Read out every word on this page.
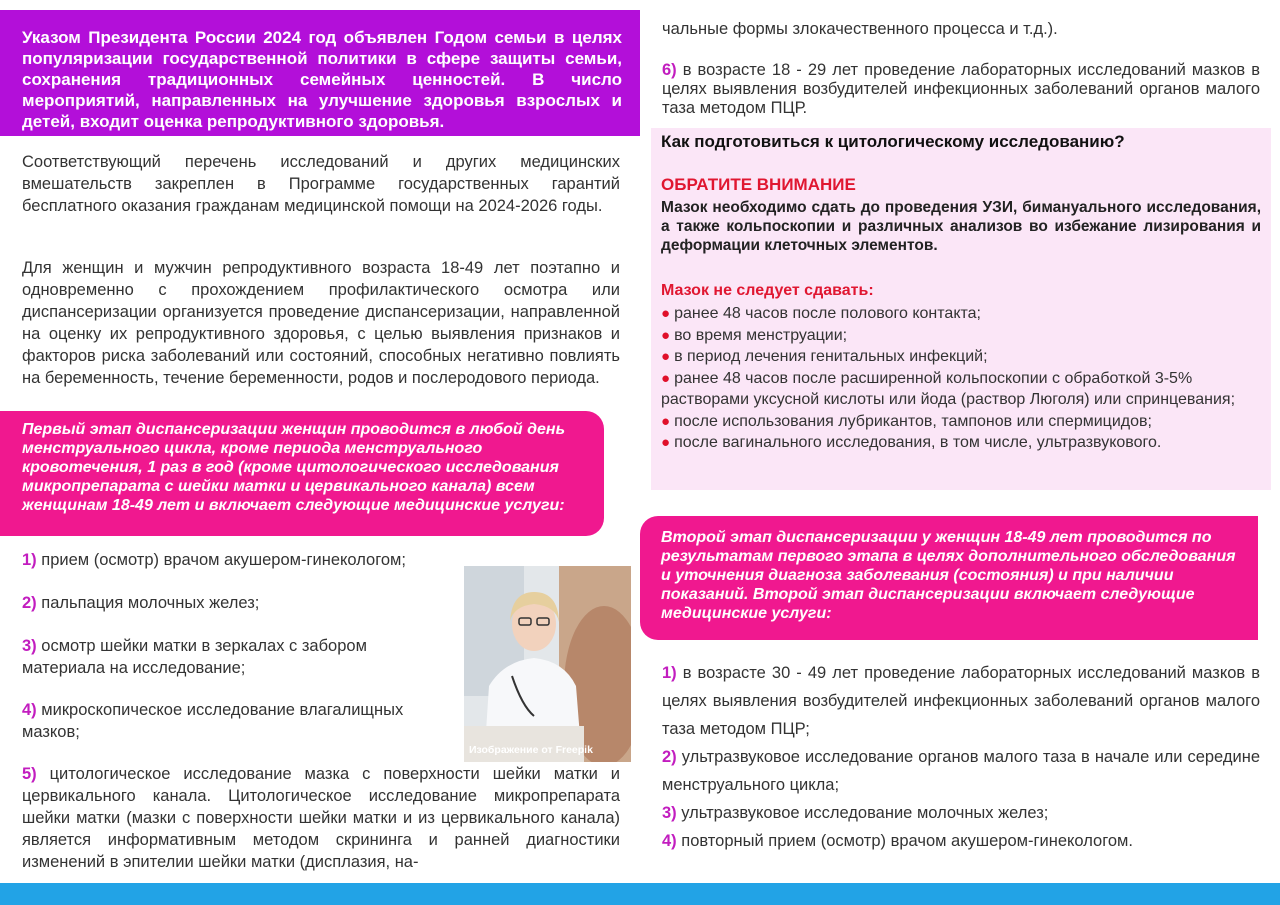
Указом Президента России 2024 год объявлен Годом семьи в целях популяризации государственной политики в сфере защиты семьи, сохранения традиционных семейных ценностей. В число мероприятий, направленных на улучшение здоровья взрослых и детей, входит оценка репродуктивного здоровья.

Соответствующий перечень исследований и других медицинских вмешательств закреплен в Программе государственных гарантий бесплатного оказания гражданам медицинской помощи на 2024-2026 годы.

Для женщин и мужчин репродуктивного возраста 18-49 лет поэтапно и одновременно с прохождением профилактического осмотра или диспансеризации организуется проведение диспансеризации, направленной на оценку их репродуктивного здоровья, с целью выявления признаков и факторов риска заболеваний или состояний, способных негативно повлиять на беременность, течение беременности, родов и послеродового периода.

Первый этап диспансеризации женщин проводится в любой день менструального цикла, кроме периода менструального кровотечения, 1 раз в год (кроме цитологического исследования микропрепарата с шейки матки и цервикального канала) всем женщинам 18-49 лет и включает следующие медицинские услуги:

1) прием (осмотр) врачом акушером-гинекологом;
2) пальпация молочных желез;
3) осмотр шейки матки в зеркалах с забором материала на исследование;
4) микроскопическое исследование влагалищных мазков;
5) цитологическое исследование мазка с поверхности шейки матки и цервикального канала. Цитологическое исследование микропрепарата шейки матки (мазки с поверхности шейки матки и из цервикального канала) является информативным методом скрининга и ранней диагностики изменений в эпителии шейки матки (дисплазия, на-
Изображение от Freepik

чальные формы злокачественного процесса и т.д.).

6) в возрасте 18 - 29 лет проведение лабораторных исследований мазков в целях выявления возбудителей инфекционных заболеваний органов малого таза методом ПЦР.

Как подготовиться к цитологическому исследованию?

ОБРАТИТЕ ВНИМАНИЕ

Мазок необходимо сдать до проведения УЗИ, бимануального исследования, а также кольпоскопии и различных анализов во избежание лизирования и деформации клеточных элементов.

Мазок не следует сдавать:

● ранее 48 часов после полового контакта;
● во время менструации;
● в период лечения генитальных инфекций;
● ранее 48 часов после расширенной кольпоскопии с обработкой 3-5% растворами уксусной кислоты или йода (раствор Люголя) или спринцевания;
● после использования лубрикантов, тампонов или спермицидов;
● после вагинального исследования, в том числе, ультразвукового.

Второй этап диспансеризации у женщин 18-49 лет проводится по результатам первого этапа в целях дополнительного обследования и уточнения диагноза заболевания (состояния) и при наличии показаний. Второй этап диспансеризации включает следующие медицинские услуги:

1) в возрасте 30 - 49 лет проведение лабораторных исследований мазков в целях выявления возбудителей инфекционных заболеваний органов малого таза методом ПЦР;
2) ультразвуковое исследование органов малого таза в начале или середине менструального цикла;
3) ультразвуковое исследование молочных желез;
4) повторный прием (осмотр) врачом акушером-гинекологом.
